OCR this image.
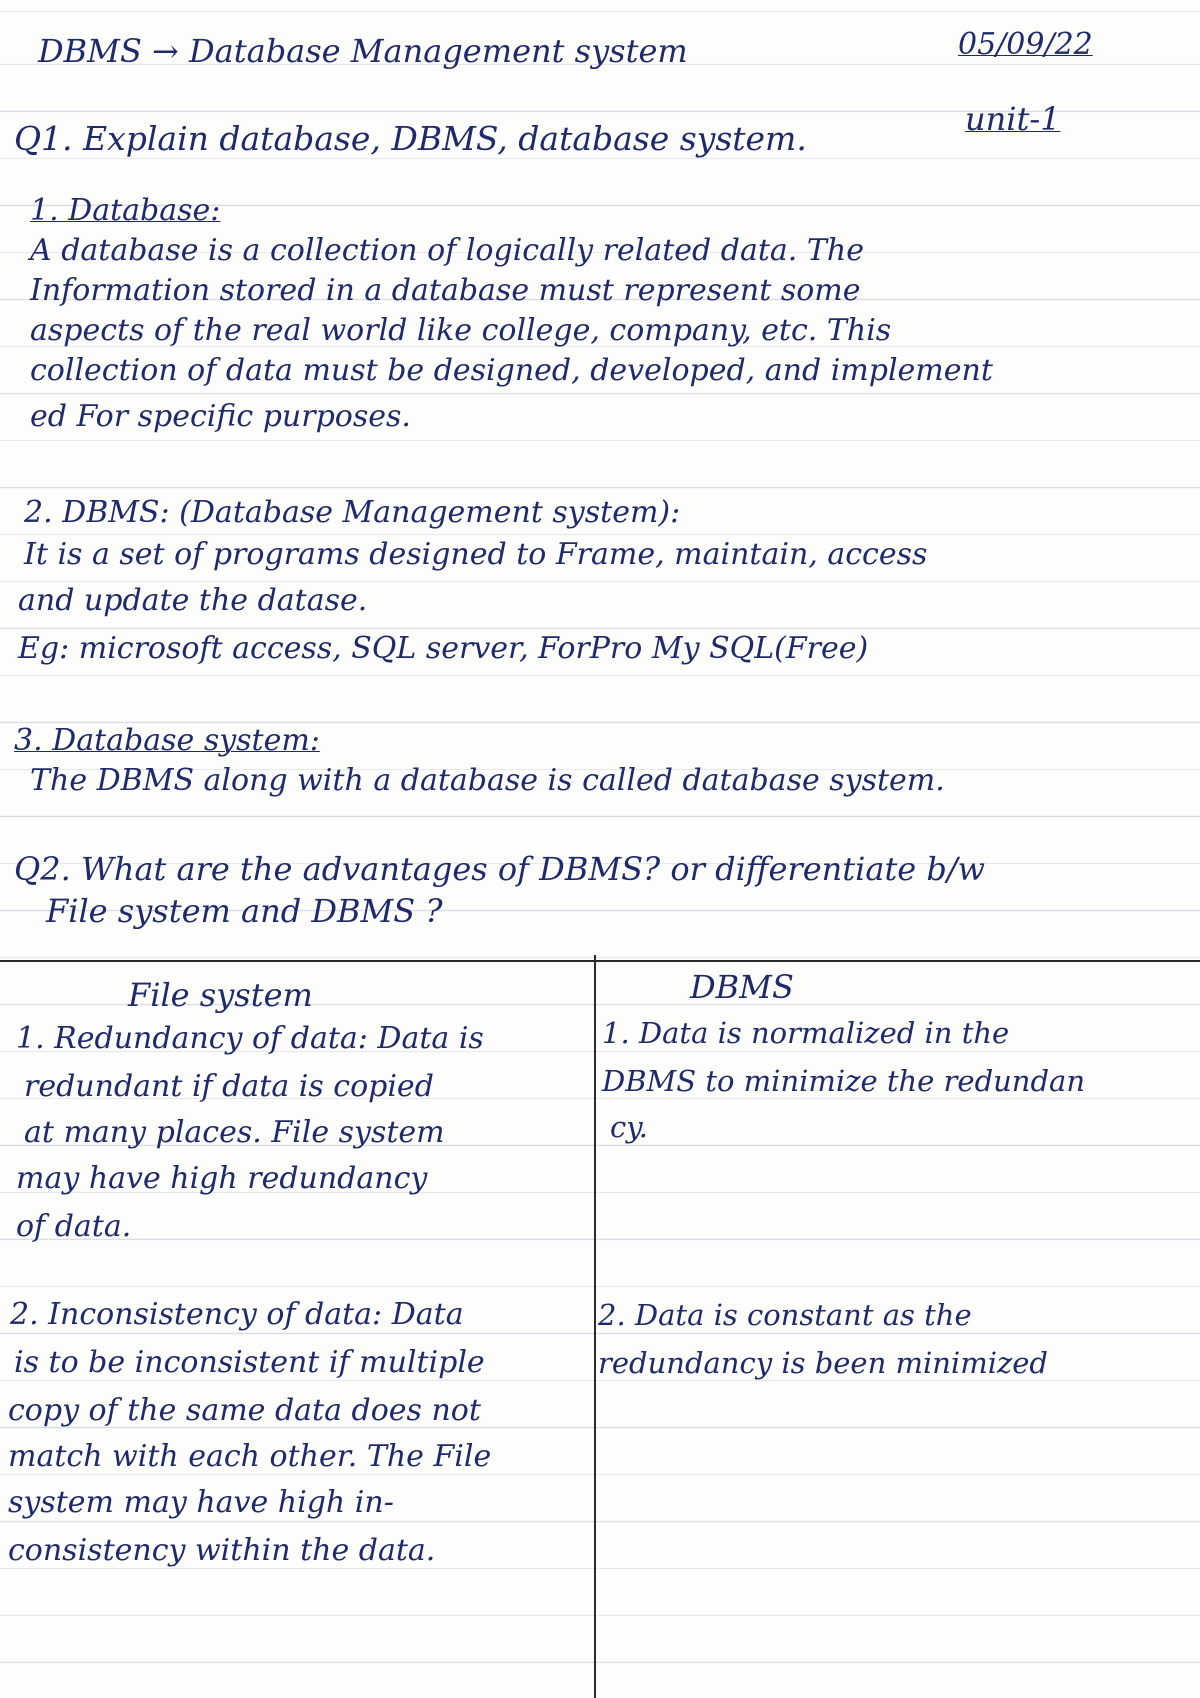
DBMS → Database Management system	05/09/22
unit-1
Q1. Explain database, DBMS, database system.
1. Database:
A database is a collection of logically related data. The
Information stored in a database must represent some
aspects of the real world like college, company, etc. This
collection of data must be designed, developed, and implement
ed For specific purposes.
2. DBMS: (Database Management system):
It is a set of programs designed to Frame, maintain, access
and update the datase.
Eg: microsoft access, SQL server, ForPro My SQL(Free)
3. Database system:
The DBMS along with a database is called database system.
Q2. What are the advantages of DBMS? or differentiate b/w
File system and DBMS ?
File system	DBMS
1. Redundancy of data: Data is
redundant if data is copied
at many places. File system
may have high redundancy
of data.
1. Data is normalized in the
DBMS to minimize the redundan
cy.
2. Inconsistency of data: Data
is to be inconsistent if multiple
copy of the same data does not
match with each other. The File
system may have high in-
consistency within the data.
2. Data is constant as the
redundancy is been minimized
